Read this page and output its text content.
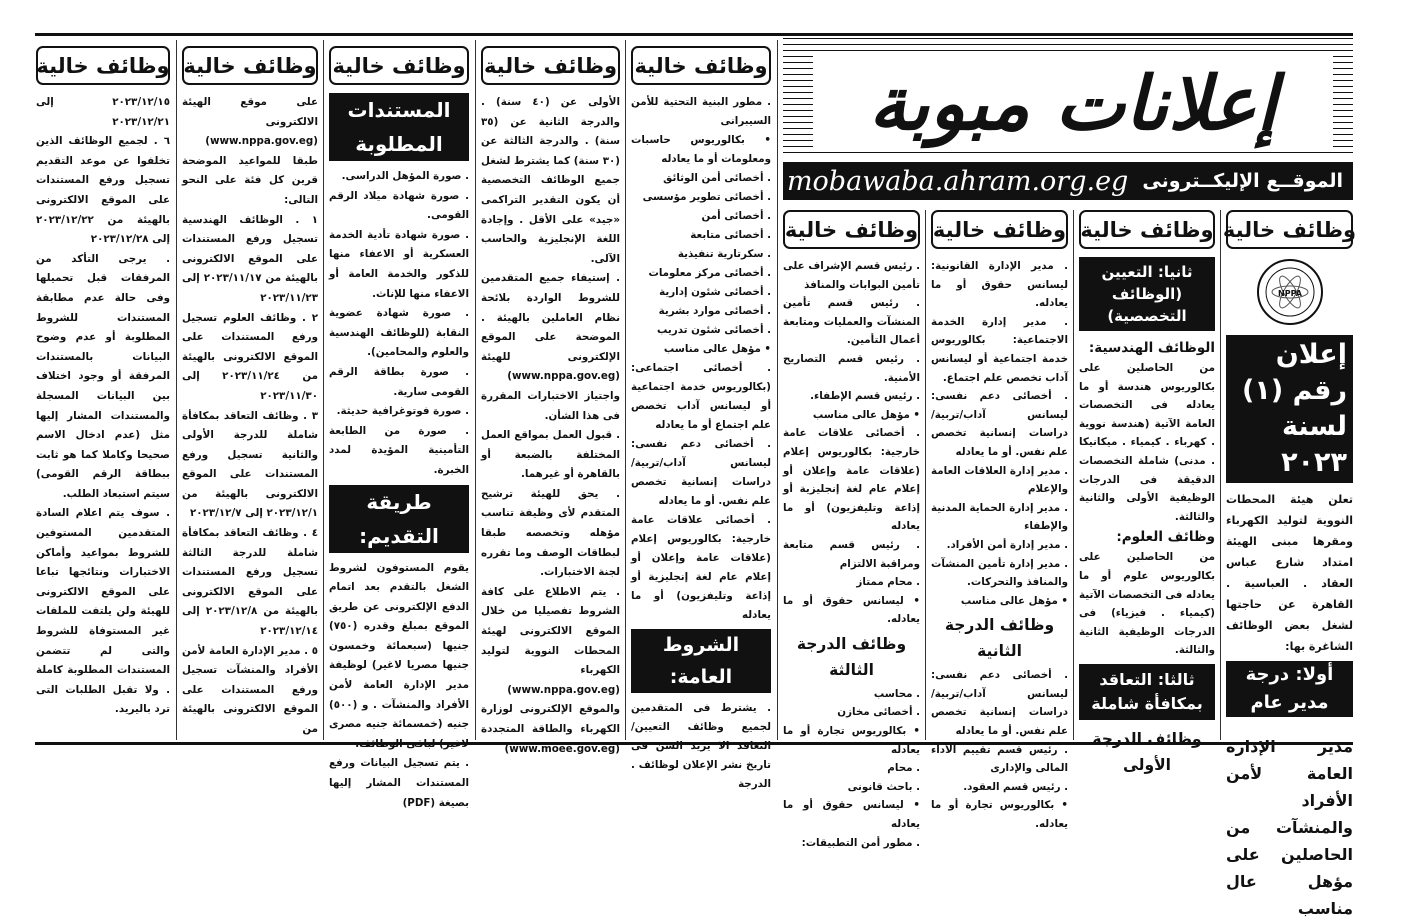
إعلانات مبوبة
الموقــع الإليكــترونى
mobawaba.ahram.org.eg
وظائف خالية

٢٠٢٣/١٢/١٥ إلى ٢٠٢٣/١٢/٢١

٦ . لجميع الوظائف الذين تخلفوا عن موعد التقديم تسجيل ورفع المستندات على الموقع الالكترونى بالهيئة من ٢٠٢٣/١٢/٢٢ إلى ٢٠٢٣/١٢/٢٨

. يرجى التأكد من المرفقات قبل تحميلها وفى حالة عدم مطابقة المستندات للشروط المطلوبة أو عدم وضوح البيانات بالمستندات المرفقة أو وجود اختلاف بين البيانات المسجلة والمستندات المشار إليها مثل (عدم ادخال الاسم صحيحا وكاملا كما هو ثابت ببطاقة الرقم القومى) سيتم استبعاد الطلب.

. سوف يتم اعلام السادة المتقدمين المستوفين للشروط بمواعيد وأماكن الاختبارات ونتائجها تباعا على الموقع الالكترونى للهيئة ولن يلتفت للملفات غير المستوفاة للشروط والتى لم تتضمن المستندات المطلوبة كاملة . ولا تقبل الطلبات التى ترد باليريد.

وظائف خالية

على موقع الهيئة الالكترونى (www.nppa.gov.eg) طبقا للمواعيد الموضحة قرين كل فئة على النحو التالى:

١ . الوظائف الهندسية تسجيل ورفع المستندات على الموقع الالكترونى بالهيئة من ٢٠٢٣/١١/١٧ إلى ٢٠٢٣/١١/٢٣

٢ . وظائف العلوم تسجيل ورفع المستندات على الموقع الالكترونى بالهيئة من ٢٠٢٣/١١/٢٤ إلى ٢٠٢٣/١١/٣٠

٣ . وظائف التعاقد بمكافأة شاملة للدرجة الأولى والثانية تسجيل ورفع المستندات على الموقع الالكترونى بالهيئة من ٢٠٢٣/١٢/١ إلى ٢٠٢٣/١٢/٧

٤ . وظائف التعاقد بمكافأة شاملة للدرجة الثالثة تسجيل ورفع المستندات على الموقع الالكترونى بالهيئة من ٢٠٢٣/١٢/٨ إلى ٢٠٢٣/١٢/١٤

٥ . مدير الإدارة العامة لأمن الأفراد والمنشآت تسجيل ورفع المستندات على الموقع الالكترونى بالهيئة من

وظائف خالية
المستندات المطلوبة

. صورة المؤهل الدراسى.

. صورة شهادة ميلاد الرقم القومى.

. صورة شهادة تأدية الخدمة العسكرية أو الاعفاء منها للذكور والخدمة العامة أو الاعفاء منها للإناث.

. صورة شهادة عضوية النقابة (للوظائف الهندسية والعلوم والمحامين).

. صورة بطاقة الرقم القومى سارية.

. صورة فوتوغرافية حديثة.

. صورة من الطابعة التأمينية المؤيدة لمدد الخبرة.

طريقة التقديم:

يقوم المستوفون لشروط الشغل بالتقدم بعد اتمام الدفع الإلكترونى عن طريق الموقع بمبلغ وقدره (٧٥٠) جنيها (سبعمائة وخمسون جنيها مصريا لاغير) لوظيفة مدير الإدارة العامة لأمن الأفراد والمنشآت . و (٥٠٠) جنيه (خمسمائة جنيه مصرى لاغير) لباقى الوظائف.

. يتم تسجيل البيانات ورفع المستندات المشار إليها بصيغة (PDF)

وظائف خالية

الأولى عن (٤٠ سنة) . والدرجة الثانية عن (٣٥ سنة) . والدرجة الثالثة عن (٣٠ سنة) كما يشترط لشغل جميع الوظائف التخصصية أن يكون التقدير التراكمى «جيد» على الأقل . وإجادة اللغة الإنجليزية والحاسب الآلى.

. إستيفاء جميع المتقدمين للشروط الواردة بلائحة نظام العاملين بالهيئة . الموضحة على الموقع الإلكترونى للهيئة (www.nppa.gov.eg) واجتياز الاختبارات المقررة فى هذا الشأن.

. قبول العمل بمواقع العمل المختلفة بالضبعة أو بالقاهرة أو غيرهما.

. يحق للهيئة ترشيح المتقدم لأى وظيفة تناسب مؤهله وتخصصه طبقا لبطاقات الوصف وما تقرره لجنة الاختبارات.

. يتم الاطلاع على كافة الشروط تفصيليا من خلال الموقع الالكترونى لهيئة المحطات النووية لتوليد الكهرباء (www.nppa.gov.eg) والموقع الإلكترونى لوزارة الكهرباء والطاقة المتجددة (www.moee.gov.eg)

وظائف خالية

. مطور البنية التحتية للأمن السيبرانى

• بكالوريوس حاسبات ومعلومات أو ما يعادله

. أخصائى أمن الوثائق

. أخصائى تطوير مؤسسى

. أخصائى أمن

. أخصائى متابعة

. سكرتارية تنفيذية

. أخصائى مركز معلومات

. أخصائى شئون إدارية

. أخصائى موارد بشرية

. أخصائى شئون تدريب

• مؤهل عالى مناسب

. أخصائى اجتماعى: (بكالوريوس خدمة اجتماعية أو ليسانس آداب تخصص علم اجتماع أو ما يعادله

. أخصائى دعم نفسى: ليسانس آداب/تربية/ دراسات إنسانية تخصص علم نفس. أو ما يعادله

. أخصائى علاقات عامة خارجية: بكالوريوس إعلام (علاقات عامة وإعلان أو إعلام عام لغة إنجليزية أو إذاعة وتليفزيون) أو ما يعادله

الشروط العامة:

. يشترط فى المتقدمين لجميع وظائف التعيين/ التعاقد الا يزيد السن فى تاريخ نشر الإعلان لوظائف . الدرجة

وظائف خالية

. رئيس قسم الإشراف على تأمين البوابات والمنافذ

. رئيس قسم تأمين المنشآت والعمليات ومتابعة أعمال التأمين.

. رئيس قسم التصاريح الأمنية.

. رئيس قسم الإطفاء.

• مؤهل عالى مناسب

. أخصائى علاقات عامة خارجية: بكالوريوس إعلام (علاقات عامة وإعلان أو إعلام عام لغة إنجليزية أو إذاعة وتليفزيون) أو ما يعادله

. رئيس قسم متابعة ومراقبة الالتزام

. محام ممتاز

• ليسانس حقوق أو ما يعادله.

وظائف الدرجة الثالثة

. محاسب

. أخصائى مخازن

• بكالوريوس تجارة أو ما يعادله

. محام

. باحث قانونى

• ليسانس حقوق أو ما يعادله

. مطور أمن التطبيقات:

وظائف خالية

. مدير الإدارة القانونية: ليسانس حقوق أو ما يعادله.

. مدير إدارة الخدمة الاجتماعية: بكالوريوس خدمة اجتماعية أو ليسانس آداب تخصص علم اجتماع.

. أخصائى دعم نفسى: ليسانس آداب/تربية/ دراسات إنسانية تخصص علم نفس. أو ما يعادله

. مدير إدارة العلاقات العامة والإعلام

. مدير إدارة الحماية المدنية والإطفاء

. مدير إدارة أمن الأفراد.

. مدير إدارة تأمين المنشآت والمنافذ والتحركات.

• مؤهل عالى مناسب

وظائف الدرجة الثانية

. أخصائى دعم نفسى: ليسانس آداب/تربية/ دراسات إنسانية تخصص علم نفس. أو ما يعادله

. رئيس قسم تقييم الأداء المالى والإدارى

. رئيس قسم العقود.

• بكالوريوس تجارة أو ما يعادله.

وظائف خالية
ثانيا: التعيين
(الوظائف التخصصية)
الوظائف الهندسية:

من الحاصلين على بكالوريوس هندسة أو ما يعادله فى التخصصات العامة الآتية (هندسة نووية . كهرباء . كيمياء . ميكانيكا . مدنى) شاملة التخصصات الدقيقة فى الدرجات الوظيفية الأولى والثانية والثالثة.

وظائف العلوم:

من الحاصلين على بكالوريوس علوم أو ما يعادله فى التخصصات الآتية (كيمياء . فيزياء) فى الدرجات الوظيفية الثانية والثالثة.

ثالثا: التعاقد
بمكافأة شاملة
وظائف الدرجة الأولى
وظائف خالية
NPPA
إعلان رقم (١) لسنة ٢٠٢٣

تعلن هيئة المحطات النووية لتوليد الكهرباء ومقرها مبنى الهيئة امتداد شارع عباس العقاد . العباسية . القاهرة عن حاجتها لشغل بعض الوظائف الشاغرة بها:

أولا: درجة مدير عام

مدير الإدارة العامة لأمن الأفراد والمنشآت من الحاصلين على مؤهل عال مناسب
